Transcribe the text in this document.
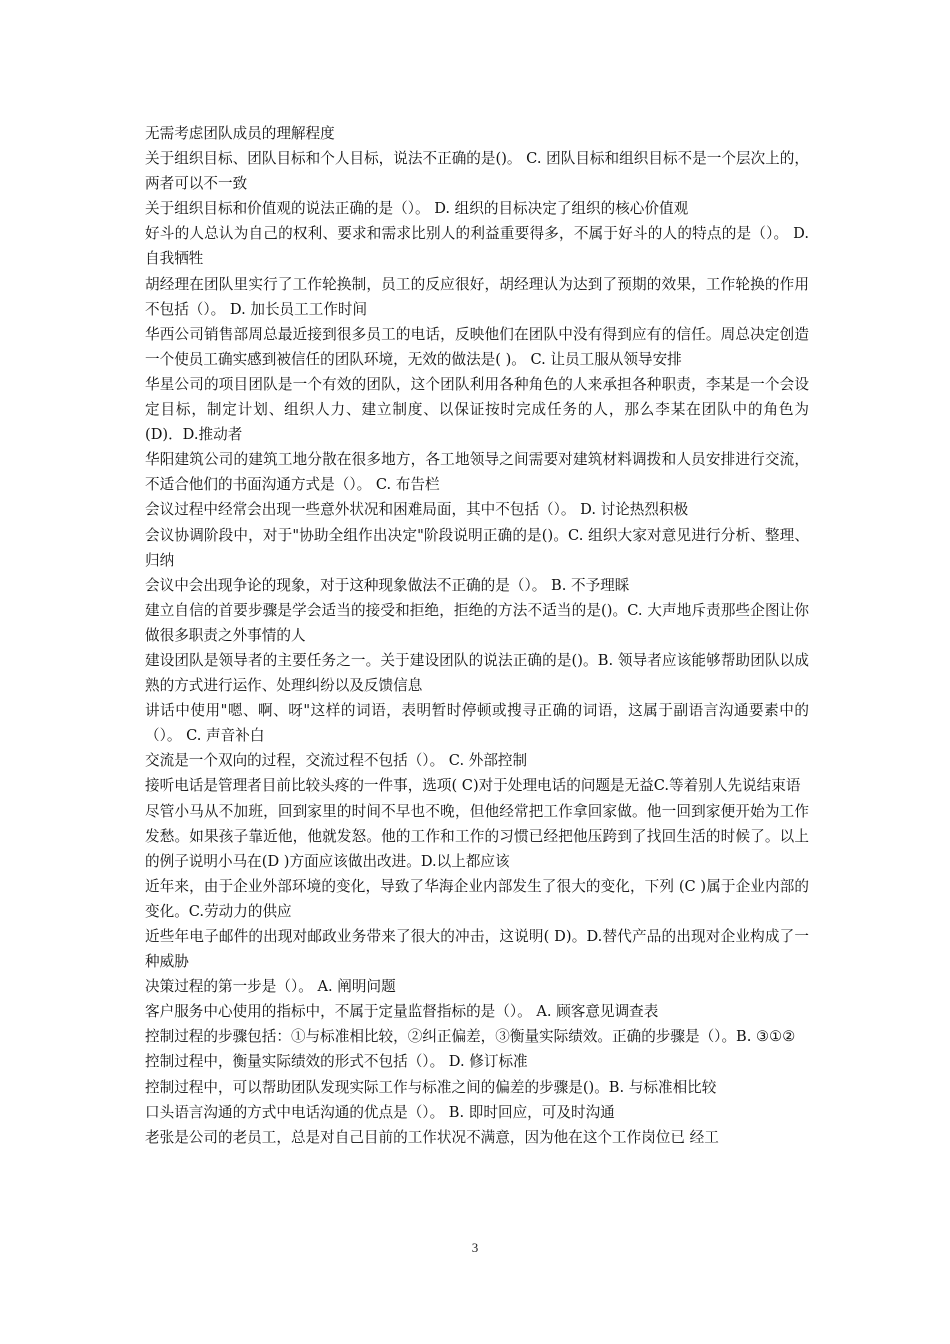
无需考虑团队成员的理解程度

关于组织目标、团队目标和个人目标，说法不正确的是()。 C. 团队目标和组织目标不是一个层次上的，两者可以不一致

关于组织目标和价值观的说法正确的是（）。 D. 组织的目标决定了组织的核心价值观

好斗的人总认为自己的权利、要求和需求比别人的利益重要得多，不属于好斗的人的特点的是（）。 D. 自我牺牲

胡经理在团队里实行了工作轮换制，员工的反应很好，胡经理认为达到了预期的效果，工作轮换的作用不包括（）。 D. 加长员工工作时间

华西公司销售部周总最近接到很多员工的电话，反映他们在团队中没有得到应有的信任。周总决定创造一个使员工确实感到被信任的团队环境，无效的做法是( )。 C. 让员工服从领导安排

华星公司的项目团队是一个有效的团队，这个团队利用各种角色的人来承担各种职责，李某是一个会设定目标，制定计划、组织人力、建立制度、以保证按时完成任务的人，那么李某在团队中的角色为(D)．D.推动者

华阳建筑公司的建筑工地分散在很多地方，各工地领导之间需要对建筑材料调拨和人员安排进行交流，不适合他们的书面沟通方式是（）。 C. 布告栏

会议过程中经常会出现一些意外状况和困难局面，其中不包括（）。 D. 讨论热烈积极

会议协调阶段中，对于"协助全组作出决定"阶段说明正确的是()。C. 组织大家对意见进行分析、整理、归纳

会议中会出现争论的现象，对于这种现象做法不正确的是（）。 B. 不予理睬

建立自信的首要步骤是学会适当的接受和拒绝，拒绝的方法不适当的是()。C. 大声地斥责那些企图让你做很多职责之外事情的人

建设团队是领导者的主要任务之一。关于建设团队的说法正确的是()。B. 领导者应该能够帮助团队以成熟的方式进行运作、处理纠纷以及反馈信息

讲话中使用"嗯、啊、呀"这样的词语，表明暂时停顿或搜寻正确的词语，这属于副语言沟通要素中的（）。 C. 声音补白

交流是一个双向的过程，交流过程不包括（）。 C. 外部控制

接听电话是管理者目前比较头疼的一件事，选项( C)对于处理电话的问题是无益C.等着别人先说结束语

尽管小马从不加班，回到家里的时间不早也不晚，但他经常把工作拿回家做。他一回到家便开始为工作发愁。如果孩子靠近他，他就发怒。他的工作和工作的习惯已经把他压跨到了找回生活的时候了。以上的例子说明小马在(D )方面应该做出改进。D.以上都应该

近年来，由于企业外部环境的变化，导致了华海企业内部发生了很大的变化，下列 (C )属于企业内部的变化。C.劳动力的供应

近些年电子邮件的出现对邮政业务带来了很大的冲击，这说明( D)。D.替代产品的出现对企业构成了一种威胁

决策过程的第一步是（）。 A. 阐明问题

客户服务中心使用的指标中，不属于定量监督指标的是（）。 A. 顾客意见调查表

控制过程的步骤包括：①与标准相比较，②纠正偏差，③衡量实际绩效。正确的步骤是（）。B. ③①②

控制过程中，衡量实际绩效的形式不包括（）。 D. 修订标准

控制过程中，可以帮助团队发现实际工作与标准之间的偏差的步骤是()。B. 与标准相比较

口头语言沟通的方式中电话沟通的优点是（）。 B. 即时回应，可及时沟通

老张是公司的老员工，总是对自己目前的工作状况不满意，因为他在这个工作岗位已 经工

3
